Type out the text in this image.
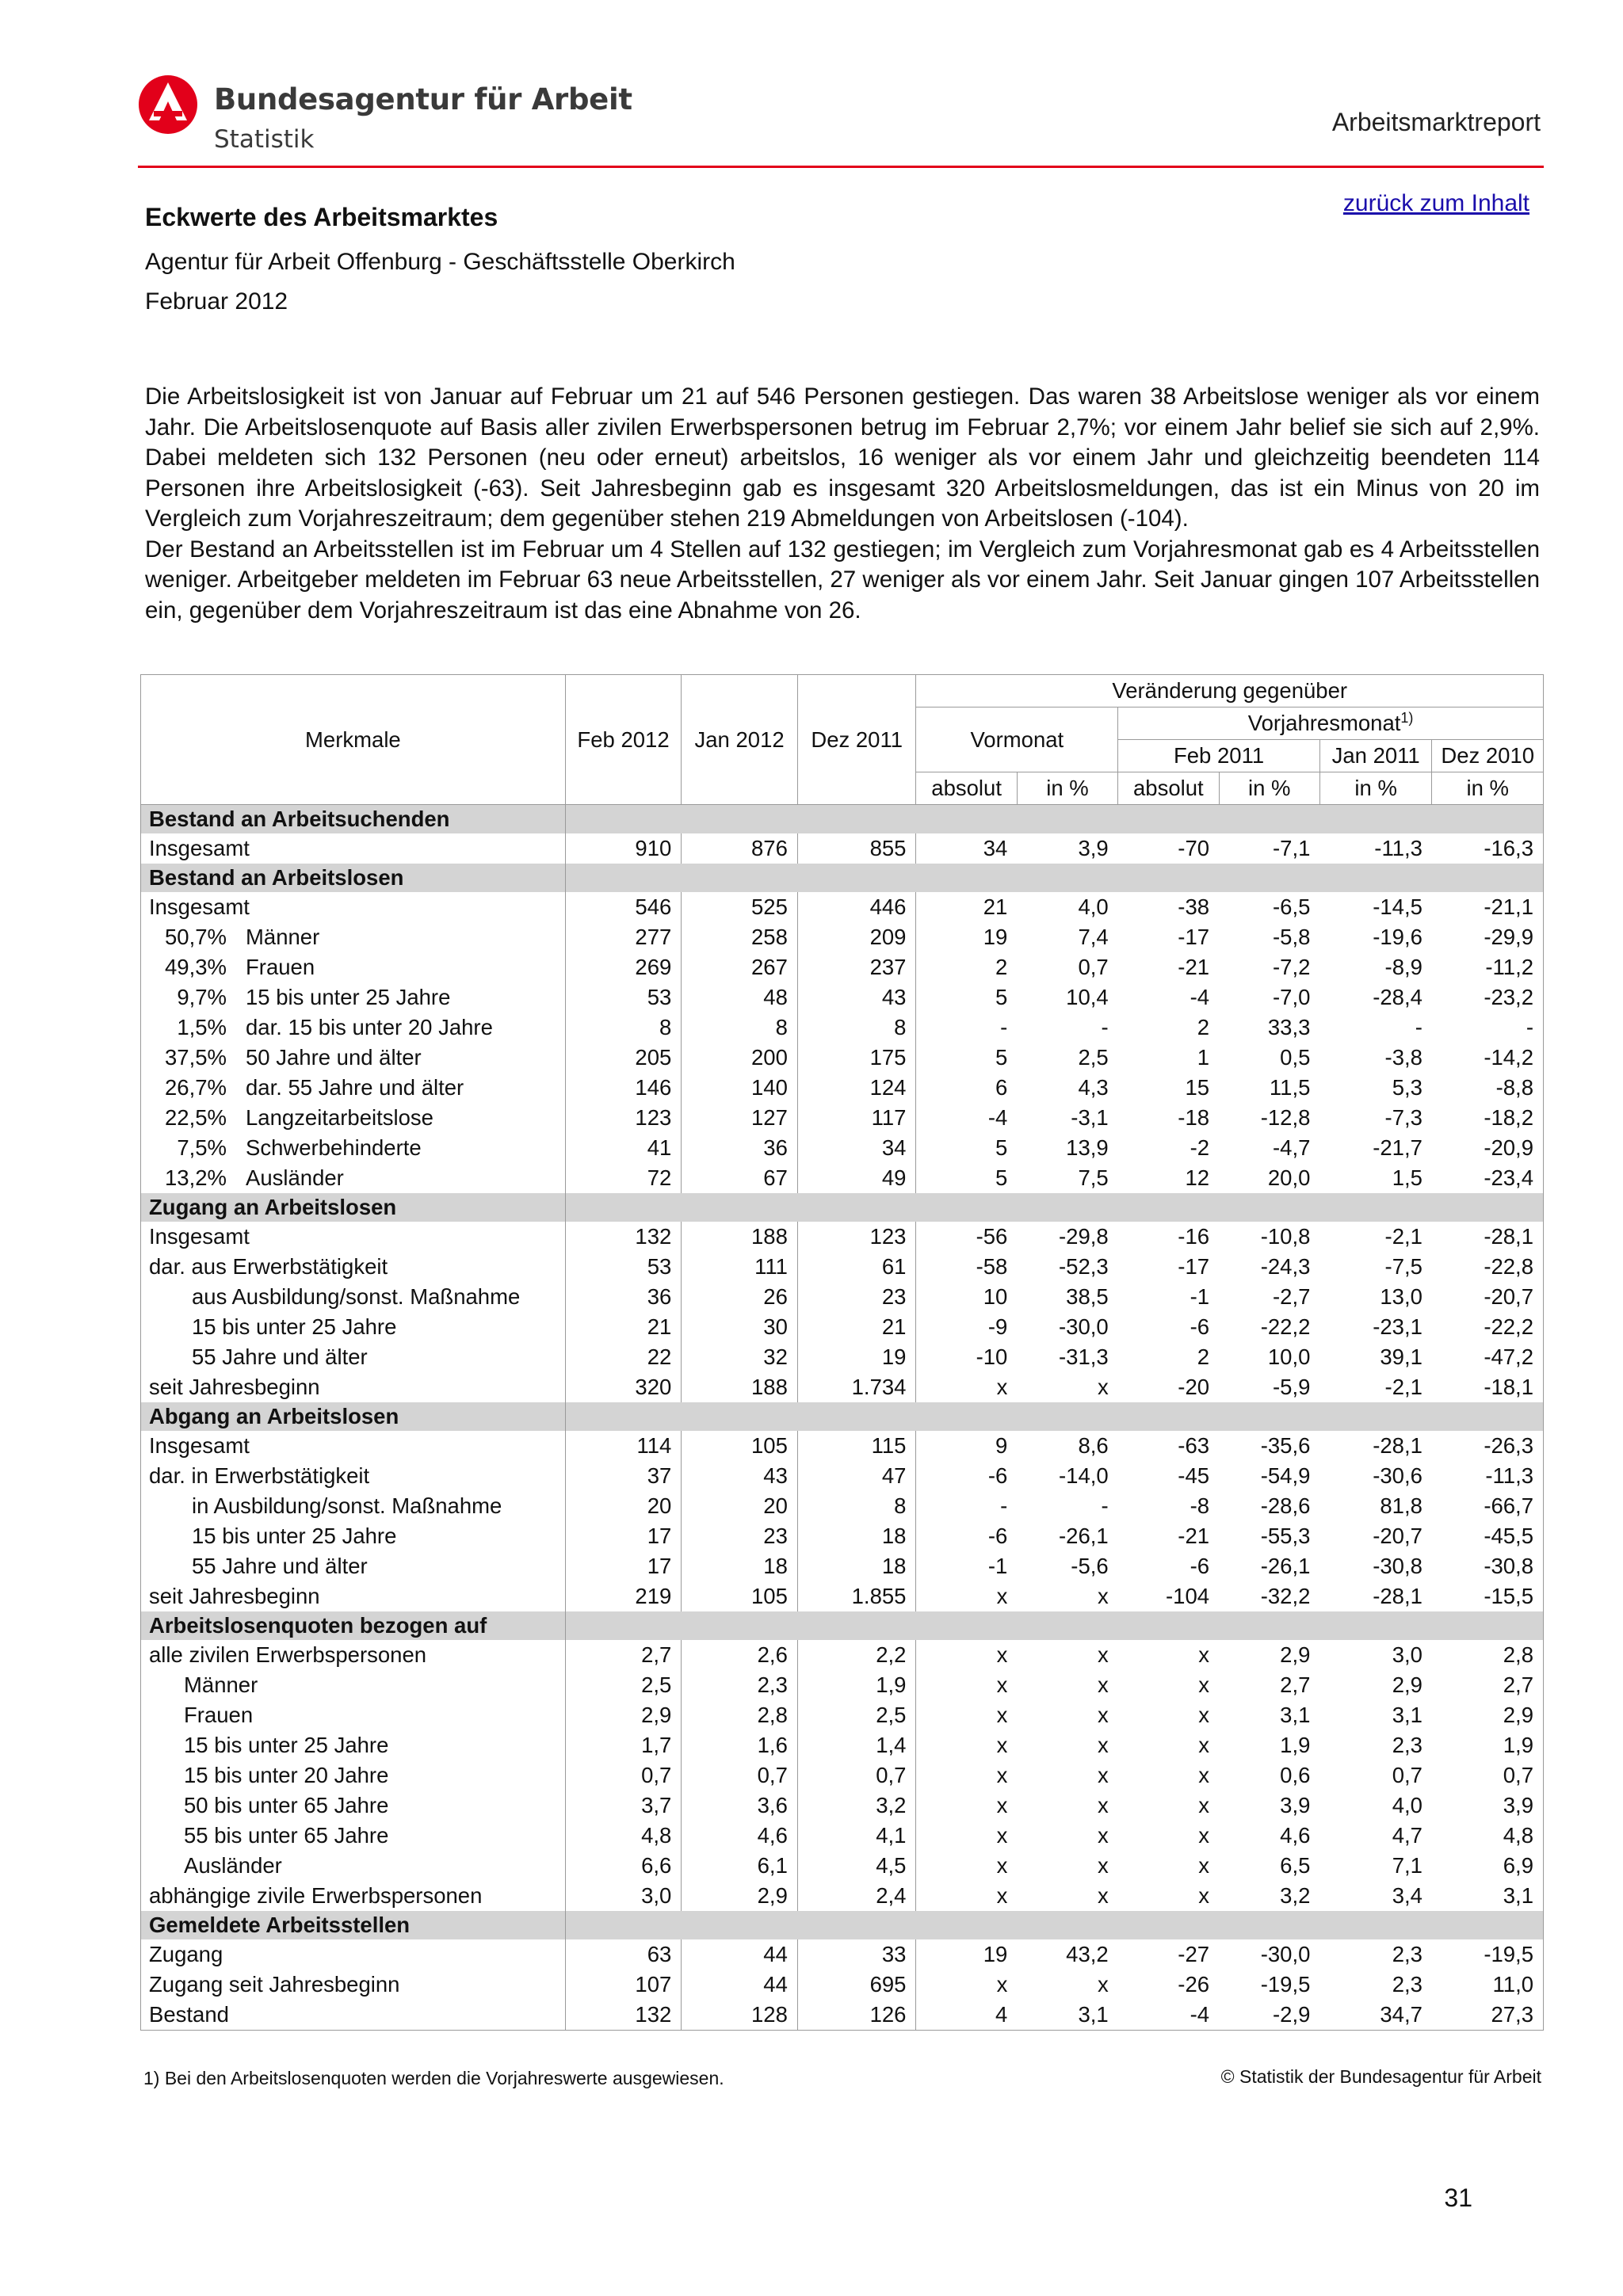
Bundesagentur für Arbeit
Statistik
Arbeitsmarktreport
zurück zum Inhalt
Eckwerte des Arbeitsmarktes
Agentur für Arbeit Offenburg - Geschäftsstelle Oberkirch
Februar 2012

Die Arbeitslosigkeit ist von Januar auf Februar um 21 auf 546 Personen gestiegen. Das waren 38 Arbeitslose weniger als vor einem Jahr. Die Arbeitslosenquote auf Basis aller zivilen Erwerbspersonen betrug im Februar 2,7%; vor einem Jahr belief sie sich auf 2,9%. Dabei meldeten sich 132 Personen (neu oder erneut) arbeitslos, 16 weniger als vor einem Jahr und gleichzeitig beendeten 114 Personen ihre Arbeitslosigkeit (-63). Seit Jahresbeginn gab es insgesamt 320 Arbeitslosmeldungen, das ist ein Minus von 20 im Vergleich zum Vorjahreszeitraum; dem gegenüber stehen 219 Abmeldungen von Arbeitslosen (-104).

Der Bestand an Arbeitsstellen ist im Februar um 4 Stellen auf 132 gestiegen; im Vergleich zum Vorjahresmonat gab es 4 Arbeitsstellen weniger. Arbeitgeber meldeten im Februar 63 neue Arbeitsstellen, 27 weniger als vor einem Jahr. Seit Januar gingen 107 Arbeitsstellen ein, gegenüber dem Vorjahreszeitraum ist das eine Abnahme von 26.

Merkmale	Feb 2012	Jan 2012	Dez 2011	Veränderung gegenüber					
				Vormonat		Vorjahresmonat$^{1)}$
						Feb 2011		Jan 2011	Dez 2010
				absolut	in %	absolut	in %	in %	in %
Bestand an Arbeitsuchenden									
Insgesamt	910	876	855	34	3,9	-70	-7,1	-11,3	-16,3
Bestand an Arbeitslosen									
Insgesamt	546	525	446	21	4,0	-38	-6,5	-14,5	-21,1
50,7% Männer	277	258	209	19	7,4	-17	-5,8	-19,6	-29,9
49,3% Frauen	269	267	237	2	0,7	-21	-7,2	-8,9	-11,2
9,7% 15 bis unter 25 Jahre	53	48	43	5	10,4	-4	-7,0	-28,4	-23,2
1,5% dar. 15 bis unter 20 Jahre	8	8	8	-	-	2	33,3	-	-
37,5% 50 Jahre und älter	205	200	175	5	2,5	1	0,5	-3,8	-14,2
26,7% dar. 55 Jahre und älter	146	140	124	6	4,3	15	11,5	5,3	-8,8
22,5% Langzeitarbeitslose	123	127	117	-4	-3,1	-18	-12,8	-7,3	-18,2
7,5% Schwerbehinderte	41	36	34	5	13,9	-2	-4,7	-21,7	-20,9
13,2% Ausländer	72	67	49	5	7,5	12	20,0	1,5	-23,4
Zugang an Arbeitslosen									
Insgesamt	132	188	123	-56	-29,8	-16	-10,8	-2,1	-28,1
dar. aus Erwerbstätigkeit	53	111	61	-58	-52,3	-17	-24,3	-7,5	-22,8
aus Ausbildung/sonst. Maßnahme	36	26	23	10	38,5	-1	-2,7	13,0	-20,7
15 bis unter 25 Jahre	21	30	21	-9	-30,0	-6	-22,2	-23,1	-22,2
55 Jahre und älter	22	32	19	-10	-31,3	2	10,0	39,1	-47,2
seit Jahresbeginn	320	188	1.734	x	x	-20	-5,9	-2,1	-18,1
Abgang an Arbeitslosen									
Insgesamt	114	105	115	9	8,6	-63	-35,6	-28,1	-26,3
dar. in Erwerbstätigkeit	37	43	47	-6	-14,0	-45	-54,9	-30,6	-11,3
in Ausbildung/sonst. Maßnahme	20	20	8	-	-	-8	-28,6	81,8	-66,7
15 bis unter 25 Jahre	17	23	18	-6	-26,1	-21	-55,3	-20,7	-45,5
55 Jahre und älter	17	18	18	-1	-5,6	-6	-26,1	-30,8	-30,8
seit Jahresbeginn	219	105	1.855	x	x	-104	-32,2	-28,1	-15,5
Arbeitslosenquoten bezogen auf									
alle zivilen Erwerbspersonen	2,7	2,6	2,2	x	x	x	2,9	3,0	2,8
Männer	2,5	2,3	1,9	x	x	x	2,7	2,9	2,7
Frauen	2,9	2,8	2,5	x	x	x	3,1	3,1	2,9
15 bis unter 25 Jahre	1,7	1,6	1,4	x	x	x	1,9	2,3	1,9
15 bis unter 20 Jahre	0,7	0,7	0,7	x	x	x	0,6	0,7	0,7
50 bis unter 65 Jahre	3,7	3,6	3,2	x	x	x	3,9	4,0	3,9
55 bis unter 65 Jahre	4,8	4,6	4,1	x	x	x	4,6	4,7	4,8
Ausländer	6,6	6,1	4,5	x	x	x	6,5	7,1	6,9
abhängige zivile Erwerbspersonen	3,0	2,9	2,4	x	x	x	3,2	3,4	3,1
Gemeldete Arbeitsstellen									
Zugang	63	44	33	19	43,2	-27	-30,0	2,3	-19,5
Zugang seit Jahresbeginn	107	44	695	x	x	-26	-19,5	2,3	11,0
Bestand	132	128	126	4	3,1	-4	-2,9	34,7	27,3
1) Bei den Arbeitslosenquoten werden die Vorjahreswerte ausgewiesen.	© Statistik der Bundesagentur für Arbeit
31
